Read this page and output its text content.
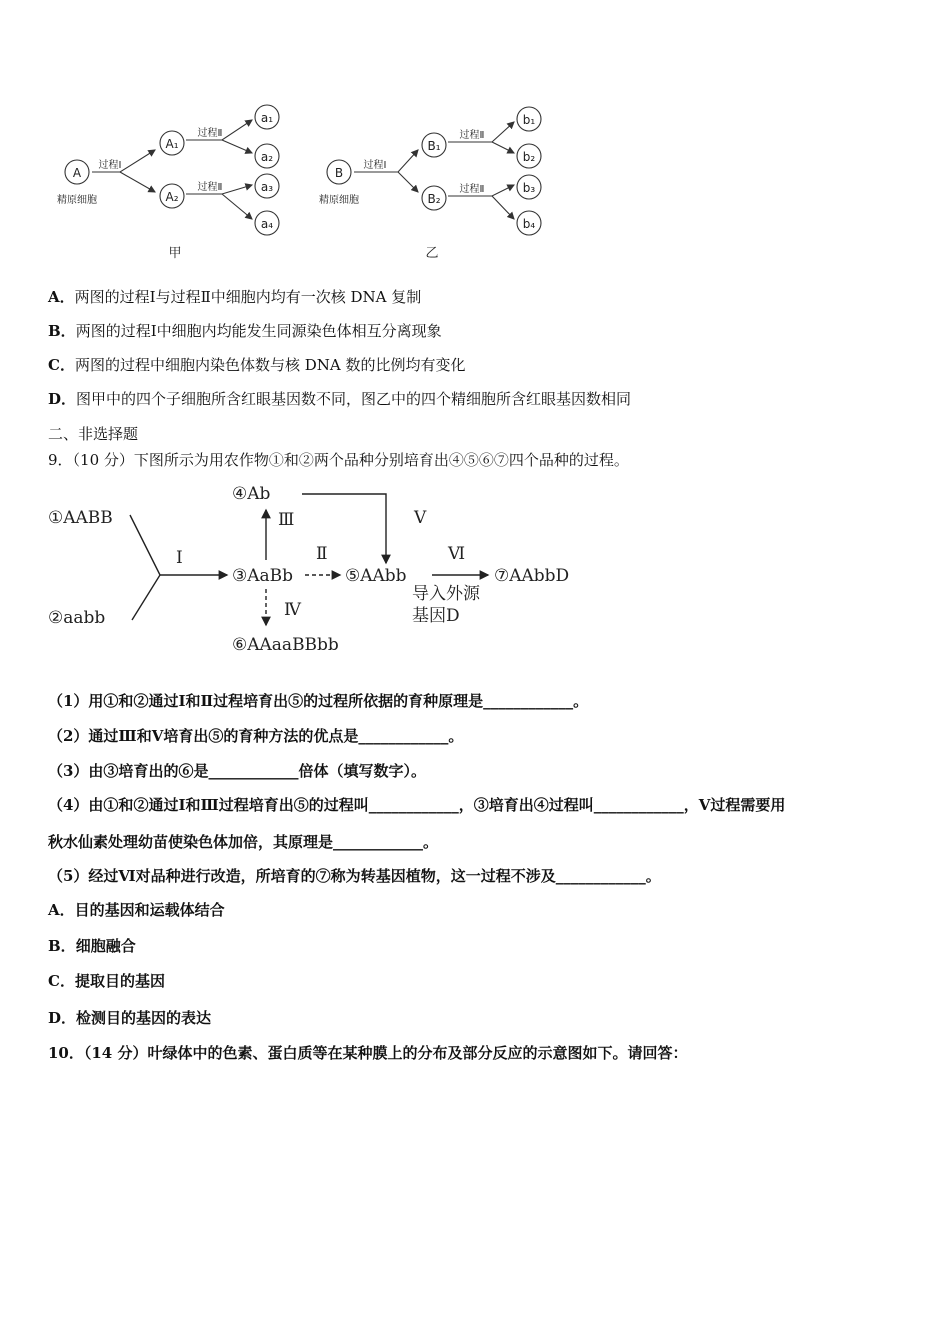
A
精原细胞
过程Ⅰ
A₁
A₂
过程Ⅱ
过程Ⅱ
a₁
a₂
a₃
a₄
甲
B
精原细胞
过程Ⅰ
B₁
B₂
过程Ⅱ
过程Ⅱ
b₁
b₂
b₃
b₄
乙
A．两图的过程Ⅰ与过程Ⅱ中细胞内均有一次核 DNA 复制
B．两图的过程Ⅰ中细胞内均能发生同源染色体相互分离现象
C．两图的过程中细胞内染色体数与核 DNA 数的比例均有变化
D．图甲中的四个子细胞所含红眼基因数不同，图乙中的四个精细胞所含红眼基因数相同
二、非选择题
9．（10 分）下图所示为用农作物①和②两个品种分别培育出④⑤⑥⑦四个品种的过程。
①AABB
②aabb
③AaBb
④Ab
⑤AAbb
⑥AAaaBBbb
⑦AAbbD
Ⅰ	Ⅱ
Ⅲ
Ⅳ
Ⅴ
Ⅵ
导入外源
基因D
（1）用①和②通过Ⅰ和Ⅱ过程培育出⑤的过程所依据的育种原理是____________。
（2）通过Ⅲ和Ⅴ培育出⑤的育种方法的优点是____________。
（3）由③培育出的⑥是____________倍体（填写数字）。
（4）由①和②通过Ⅰ和Ⅲ过程培育出⑤的过程叫____________，③培育出④过程叫____________，Ⅴ过程需要用
秋水仙素处理幼苗使染色体加倍，其原理是____________。
（5）经过Ⅵ对品种进行改造，所培育的⑦称为转基因植物，这一过程不涉及____________。
A．目的基因和运载体结合
B．细胞融合
C．提取目的基因
D．检测目的基因的表达
10．（14 分）叶绿体中的色素、蛋白质等在某种膜上的分布及部分反应的示意图如下。请回答：
